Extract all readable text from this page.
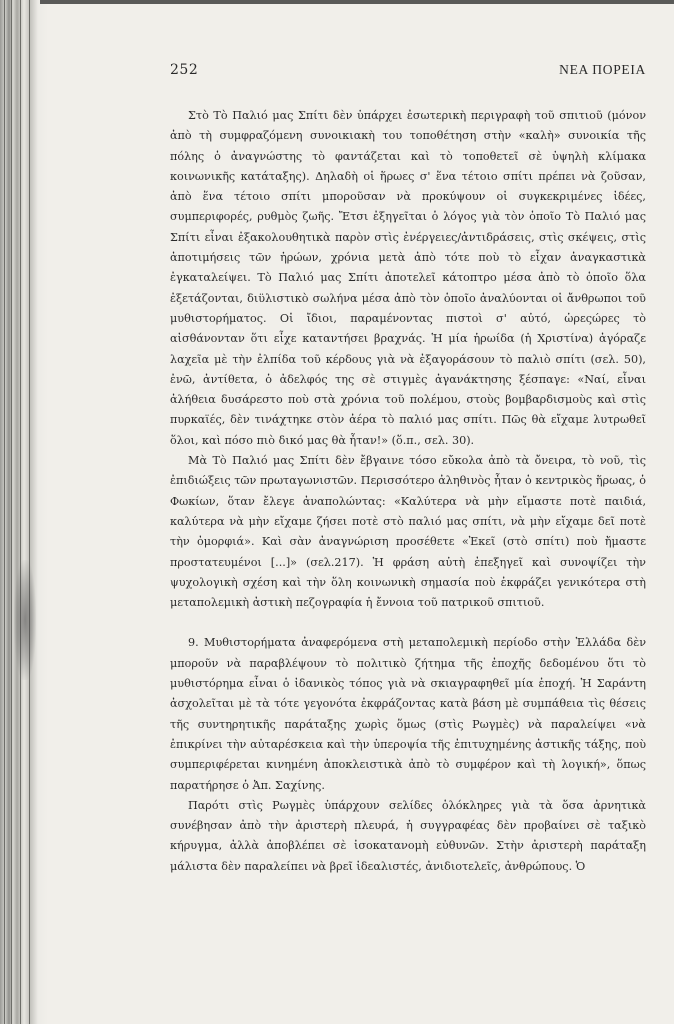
252	ΝΕΑ ΠΟΡΕΙΑ

Στὸ Τὸ Παλιό μας Σπίτι δὲν ὑπάρχει ἐσωτερικὴ περιγραφὴ τοῦ σπιτιοῦ (μόνον ἀπὸ τὴ συμφραζόμενη συνοικιακὴ του τοποθέτηση στὴν «καλὴ» συνοικία τῆς πόλης ὁ ἀναγνώστης τὸ φαντάζεται καὶ τὸ τοποθετεῖ σὲ ὑψηλὴ κλίμακα κοινωνικῆς κατάταξης). Δηλαδὴ οἱ ἥρωες σ' ἕνα τέτοιο σπίτι πρέπει νὰ ζοῦσαν, ἀπὸ ἕνα τέτοιο σπίτι μποροῦσαν νὰ προκύψουν οἱ συγκεκριμένες ἰδέες, συμπεριφορές, ρυθμὸς ζωῆς. Ἔτσι ἐξηγεῖται ὁ λόγος γιὰ τὸν ὁποῖο Τὸ Παλιό μας Σπίτι εἶναι ἐξακολουθητικὰ παρὸν στὶς ἐνέργειες/ἀντιδράσεις, στὶς σκέψεις, στὶς ἀποτιμήσεις τῶν ἡρώων, χρόνια μετὰ ἀπὸ τότε ποὺ τὸ εἶχαν ἀναγκαστικὰ ἐγκαταλείψει. Τὸ Παλιό μας Σπίτι ἀποτελεῖ κάτοπτρο μέσα ἀπὸ τὸ ὁποῖο ὅλα ἐξετάζονται, διϋλιστικὸ σωλήνα μέσα ἀπὸ τὸν ὁποῖο ἀναλύονται οἱ ἄνθρωποι τοῦ μυθιστορήματος. Οἱ ἴδιοι, παραμένοντας πιστοὶ σ' αὐτό, ὡρεςώρες τὸ αἰσθάνονταν ὅτι εἶχε καταντήσει βραχνάς. Ἡ μία ἡρωίδα (ἡ Χριστίνα) ἀγόραζε λαχεῖα μὲ τὴν ἐλπίδα τοῦ κέρδους γιὰ νὰ ἐξαγοράσουν τὸ παλιὸ σπίτι (σελ. 50), ἐνῶ, ἀντίθετα, ὁ ἀδελφός της σὲ στιγμὲς ἀγανάκτησης ξέσπαγε: «Ναί, εἶναι ἀλήθεια δυσάρεστο ποὺ στὰ χρόνια τοῦ πολέμου, στοὺς βομβαρδισμοὺς καὶ στὶς πυρκαϊές, δὲν τινάχτηκε στὸν ἀέρα τὸ παλιό μας σπίτι. Πῶς θὰ εἴχαμε λυτρωθεῖ ὅλοι, καὶ πόσο πιὸ δικό μας θὰ ἦταν!» (ὅ.π., σελ. 30).

Μὰ Τὸ Παλιό μας Σπίτι δὲν ἔβγαινε τόσο εὔκολα ἀπὸ τὰ ὄνειρα, τὸ νοῦ, τὶς ἐπιδιώξεις τῶν πρωταγωνιστῶν. Περισσότερο ἀληθινὸς ἦταν ὁ κεντρικὸς ἥρωας, ὁ Φωκίων, ὅταν ἔλεγε ἀναπολώντας: «Καλύτερα νὰ μὴν εἴμαστε ποτὲ παιδιά, καλύτερα νὰ μὴν εἴχαμε ζήσει ποτὲ στὸ παλιό μας σπίτι, νὰ μὴν εἴχαμε δεῖ ποτὲ τὴν ὀμορφιά». Καὶ σὰν ἀναγνώριση προσέθετε «Ἐκεῖ (στὸ σπίτι) ποὺ ἤμαστε προστατευμένοι [...]» (σελ.217). Ἡ φράση αὐτὴ ἐπεξηγεῖ καὶ συνοψίζει τὴν ψυχολογικὴ σχέση καὶ τὴν ὅλη κοινωνικὴ σημασία ποὺ ἐκφράζει γενικότερα στὴ μεταπολεμικὴ ἀστικὴ πεζογραφία ἡ ἔννοια τοῦ πατρικοῦ σπιτιοῦ.

9. Μυθιστορήματα ἀναφερόμενα στὴ μεταπολεμικὴ περίοδο στὴν Ἑλλάδα δὲν μποροῦν νὰ παραβλέψουν τὸ πολιτικὸ ζήτημα τῆς ἐποχῆς δεδομένου ὅτι τὸ μυθιστόρημα εἶναι ὁ ἰδανικὸς τόπος γιὰ νὰ σκιαγραφηθεῖ μία ἐποχή. Ἡ Σαράντη ἀσχολεῖται μὲ τὰ τότε γεγονότα ἐκφράζοντας κατὰ βάση μὲ συμπάθεια τὶς θέσεις τῆς συντηρητικῆς παράταξης χωρὶς ὅμως (στὶς Ρωγμὲς) νὰ παραλείψει «νὰ ἐπικρίνει τὴν αὐταρέσκεια καὶ τὴν ὑπεροψία τῆς ἐπιτυχημένης ἀστικῆς τάξης, ποὺ συμπεριφέρεται κινημένη ἀποκλειστικὰ ἀπὸ τὸ συμφέρον καὶ τὴ λογική», ὅπως παρατήρησε ὁ Ἀπ. Σαχίνης.

Παρότι στὶς Ρωγμὲς ὑπάρχουν σελίδες ὁλόκληρες γιὰ τὰ ὅσα ἀρνητικὰ συνέβησαν ἀπὸ τὴν ἀριστερὴ πλευρά, ἡ συγγραφέας δὲν προβαίνει σὲ ταξικὸ κήρυγμα, ἀλλὰ ἀποβλέπει σὲ ἰσοκατανομὴ εὐθυνῶν. Στὴν ἀριστερὴ παράταξη μάλιστα δὲν παραλείπει νὰ βρεῖ ἰδεαλιστές, ἀνιδιοτελεῖς, ἀνθρώπους. Ὁ
